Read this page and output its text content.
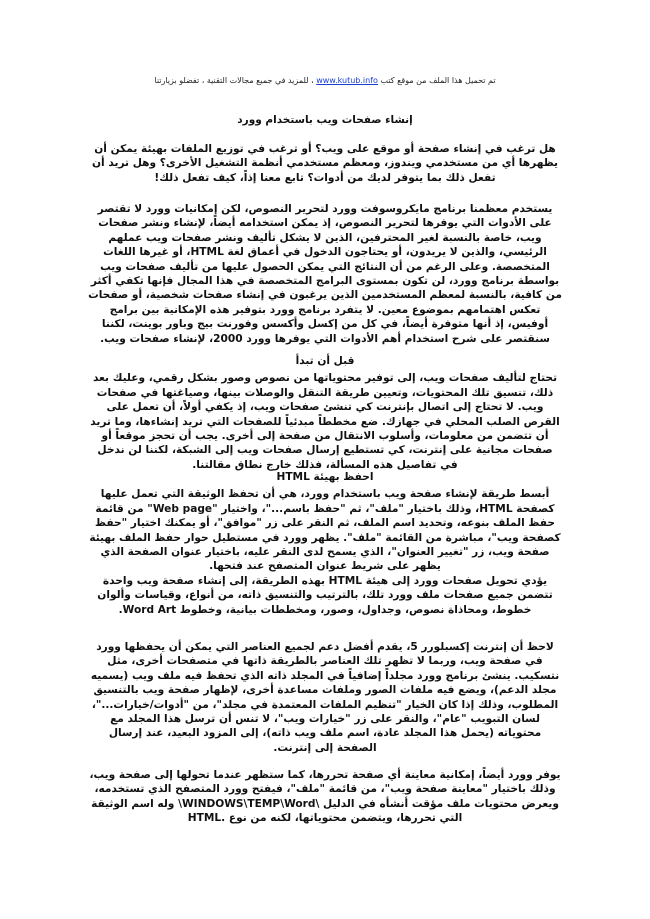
تم تحميل هذا الملف من موقع كتب www.kutub.info ، للمزيد في جميع مجالات التقنية ، تفضلو بزيارتنا
إنشاء صفحات ويب باستخدام وورد

هل ترغب في إنشاء صفحة أو موقع على ويب؟ أو ترغب في توزيع الملفات بهيئة يمكن أن يظهرها أي من مستخدمي ويندوز، ومعظم مستخدمي أنظمة التشغيل الأخرى؟ وهل تريد أن تفعل ذلك بما يتوفر لديك من أدوات؟ تابع معنا إذاً، كيف تفعل ذلك!

يستخدم معظمنا برنامج مايكروسوفت وورد لتحرير النصوص، لكن إمكانيات وورد لا تقتصر على الأدوات التي يوفرها لتحرير النصوص، إذ يمكن استخدامه أيضاً، لإنشاء ونشر صفحات ويب، خاصة بالنسبة لغير المحترفين، الذين لا يشكل تأليف ونشر صفحات ويب عملهم الرئيسي، والذين لا يريدون، أو يحتاجون الدخول في أعماق لغة HTML، أو غيرها اللغات المتخصصة. وعلى الرغم من أن النتائج التي يمكن الحصول عليها من تأليف صفحات ويب بواسطة برنامج وورد، لن تكون بمستوى البرامج المتخصصة في هذا المجال فإنها تكفي أكثر من كافية، بالنسبة لمعظم المستخدمين الذين يرغبون في إنشاء صفحات شخصية، أو صفحات تعكس اهتمامهم بموضوع معين. لا يتفرد برنامج وورد بتوفير هذه الإمكانية بين برامج أوفيس، إذ أنها متوفرة أيضاً، في كل من إكسل وأكسس وفورنت بيج وباور بوينت، لكننا سنقتصر على شرح استخدام أهم الأدوات التي يوفرها وورد 2000، لإنشاء صفحات ويب.

قبل أن تبدأ

تحتاج لتأليف صفحات ويب، إلى توفير محتوياتها من نصوص وصور بشكل رقمي، وعليك بعد ذلك، تنسيق تلك المحتويات، وتعيين طريقة التنقل والوصلات بينها، وصياغتها في صفحات ويب. لا تحتاج إلى اتصال بإنترنت كي تنشئ صفحات ويب، إذ يكفي أولاً، أن تعمل على القرص الصلب المحلي في جهازك. ضع مخططاً مبدئياً للصفحات التي تريد إنشاءها، وما تريد أن تتضمن من معلومات، وأسلوب الانتقال من صفحة إلى أخرى. يجب أن تحجز موقعاً أو صفحات مجانية على إنترنت، كي تستطيع إرسال صفحات ويب إلى الشبكة، لكننا لن ندخل في تفاصيل هذه المسألة، فذلك خارج نطاق مقالتنا.

احفظ بهيئة HTML

أبسط طريقة لإنشاء صفحة ويب باستخدام وورد، هي أن تحفظ الوثيقة التي تعمل عليها كصفحة HTML، وذلك باختيار "ملف"، ثم "حفظ باسم..."، واختيار "Web page" من قائمة حفظ الملف بنوعه، وتحديد اسم الملف، ثم النقر على زر "موافق"، أو يمكنك اختيار "حفظ كصفحة ويب"، مباشرة من القائمة "ملف". يظهر وورد في مستطيل حوار حفظ الملف بهيئة صفحة ويب، زر "تغيير العنوان"، الذي يسمح لدى النقر عليه، باختيار عنوان الصفحة الذي يظهر على شريط عنوان المتصفح عند فتحها.

يؤدي تحويل صفحات وورد إلى هيئة HTML بهذه الطريقة، إلى إنشاء صفحة ويب واحدة تتضمن جميع صفحات ملف وورد تلك، بالترتيب والتنسيق ذاته، من أنواع، وقياسات وألوان خطوط، ومحاذاة نصوص، وجداول، وصور، ومخططات بيانية، وخطوط Word Art.

لاحظ أن إنترنت إكسبلورر 5، يقدم أفضل دعم لجميع العناصر التي يمكن أن يحفظها وورد في صفحة ويب، وربما لا تظهر تلك العناصر بالطريقة ذاتها في متصفحات أخرى، مثل نتسكيب. ينشئ برنامج وورد مجلداً إضافياً في المجلد ذاته الذي تحفظ فيه ملف ويب (يسميه مجلد الدعم)، ويضع فيه ملفات الصور وملفات مساعدة أخرى، لإظهار صفحة ويب بالتنسيق المطلوب، وذلك إذا كان الخيار "تنظيم الملفات المعتمدة في مجلد"، من "أدوات/خيارات..."، لسان التبويب "عام"، والنقر على زر "خيارات ويب"، لا تنس أن ترسل هذا المجلد مع محتوياته (يحمل هذا المجلد عادة، اسم ملف ويب ذاته)، إلى المزود البعيد، عند إرسال الصفحة إلى إنترنت.

يوفر وورد أيضاً، إمكانية معاينة أي صفحة تحررها، كما ستظهر عندما تحولها إلى صفحة ويب، وذلك باختيار "معاينة صفحة ويب"، من قائمة "ملف"، فيفتح وورد المتصفح الذي تستخدمه، ويعرض محتويات ملف مؤقت أنشأه في الدليل \WINDOWS\TEMP\Word\ وله اسم الوثيقة التي تحررها، ويتضمن محتوياتها، لكنه من نوع .HTML
